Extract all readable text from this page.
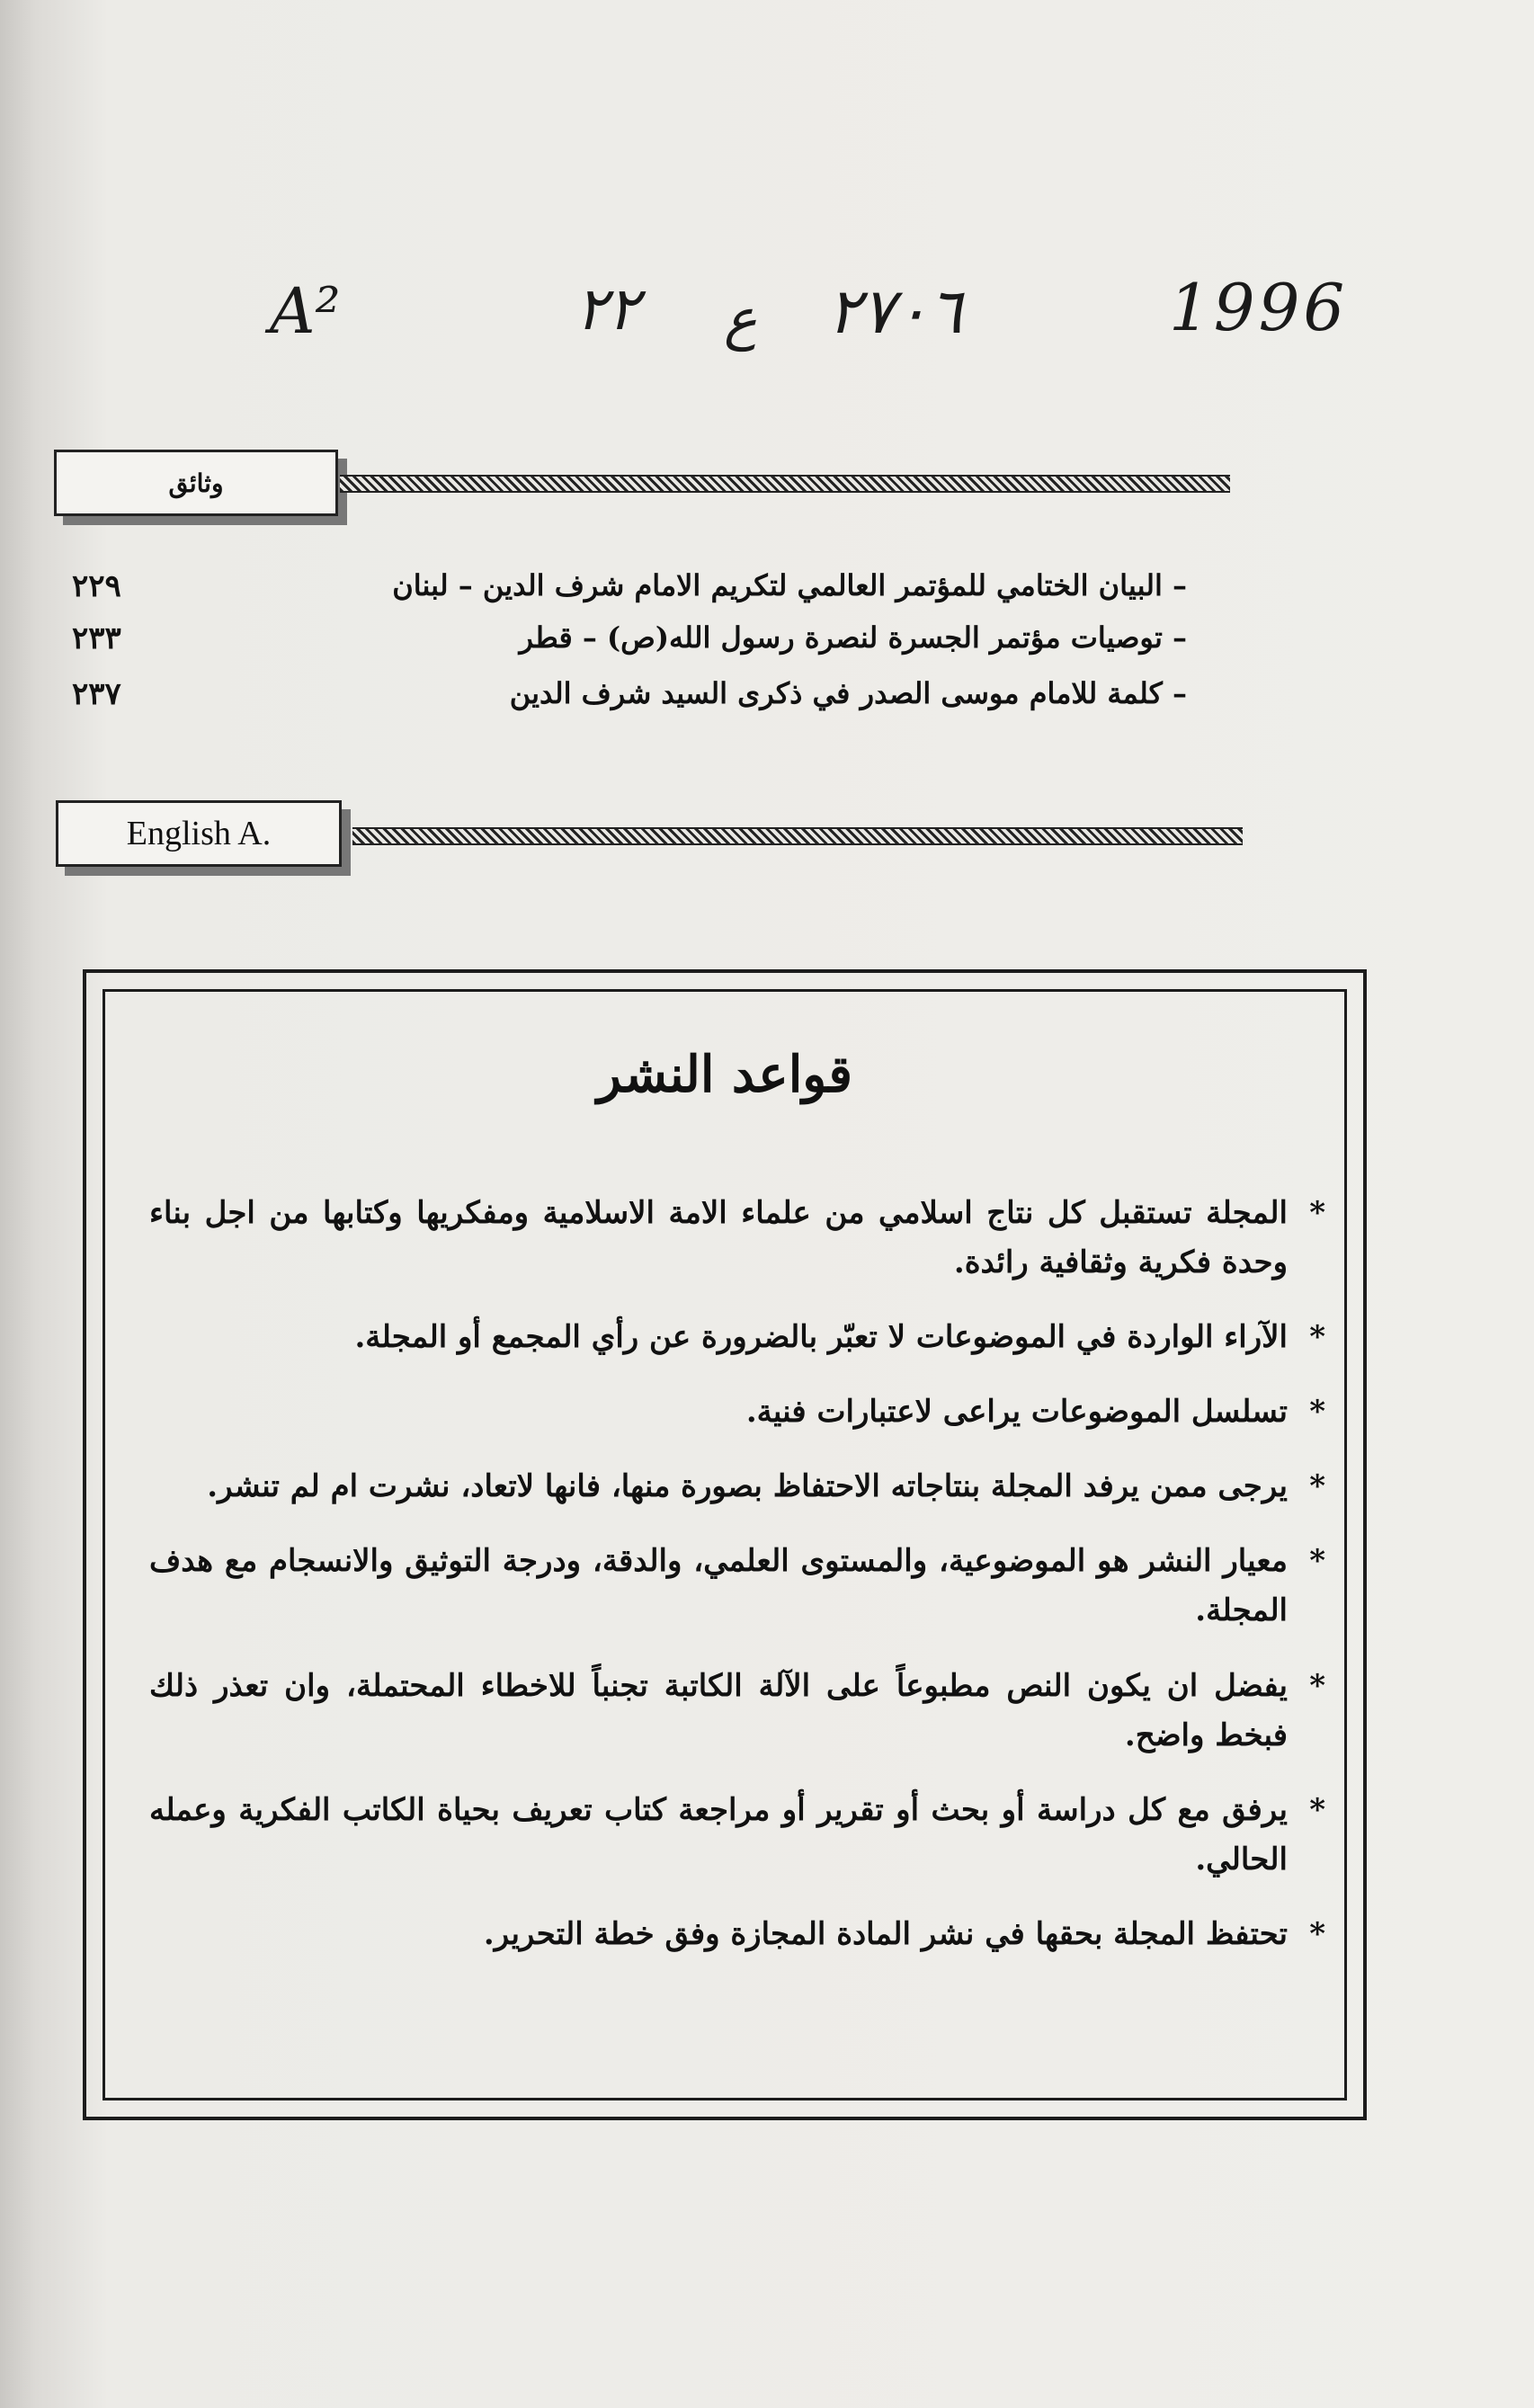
A²	٢٢ ع ٢٧٠٦	1996
وثائق
٢٢٩	– البيان الختامي للمؤتمر العالمي لتكريم الامام شرف الدين – لبنان
٢٣٣	– توصيات مؤتمر الجسرة لنصرة رسول الله(ص) – قطر
٢٣٧	– كلمة للامام موسى الصدر في ذكرى السيد شرف الدين
English A.
قواعد النشر
*
المجلة تستقبل كل نتاج اسلامي من علماء الامة الاسلامية ومفكريها وكتابها من اجل بناء وحدة فكرية وثقافية رائدة.
*
الآراء الواردة في الموضوعات لا تعبّر بالضرورة عن رأي المجمع أو المجلة.
*
تسلسل الموضوعات يراعى لاعتبارات فنية.
*
يرجى ممن يرفد المجلة بنتاجاته الاحتفاظ بصورة منها، فانها لاتعاد، نشرت ام لم تنشر.
*
معيار النشر هو الموضوعية، والمستوى العلمي، والدقة، ودرجة التوثيق والانسجام مع هدف المجلة.
*
يفضل ان يكون النص مطبوعاً على الآلة الكاتبة تجنباً للاخطاء المحتملة، وان تعذر ذلك فبخط واضح.
*
يرفق مع كل دراسة أو بحث أو تقرير أو مراجعة كتاب تعريف بحياة الكاتب الفكرية وعمله الحالي.
*
تحتفظ المجلة بحقها في نشر المادة المجازة وفق خطة التحرير.
